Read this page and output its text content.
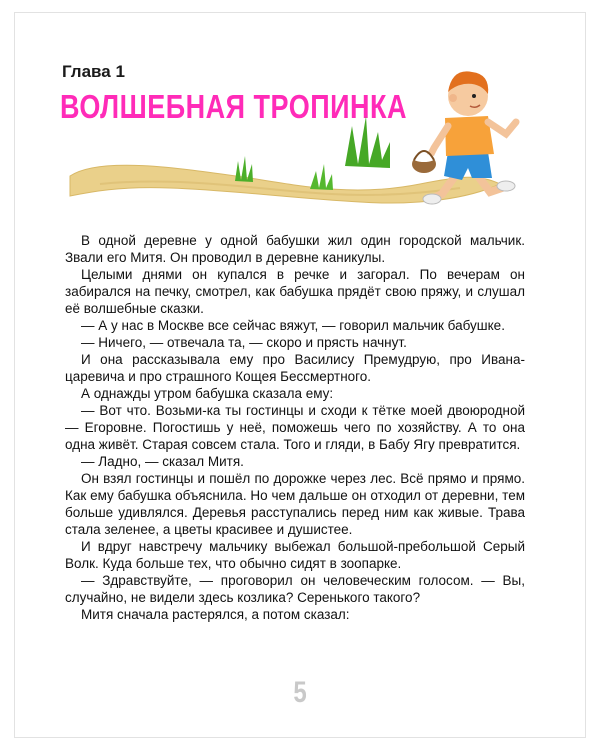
Глава 1
ВОЛШЕБНАЯ ТРОПИНКА

В одной деревне у одной бабушки жил один городской мальчик. Звали его Митя. Он проводил в деревне каникулы.

Целыми днями он купался в речке и загорал. По вечерам он забирался на печку, смотрел, как бабушка прядёт свою пряжу, и слушал её волшебные сказки.

— А у нас в Москве все сейчас вяжут, — говорил мальчик бабушке.

— Ничего, — отвечала та, — скоро и прясть начнут.

И она рассказывала ему про Василису Премудрую, про Ивана-царевича и про страшного Кощея Бессмертного.

А однажды утром бабушка сказала ему:

— Вот что. Возьми-ка ты гостинцы и сходи к тётке моей двоюродной — Егоровне. Погостишь у неё, поможешь чего по хозяйству. А то она одна живёт. Старая совсем стала. Того и гляди, в Бабу Ягу превратится.

— Ладно, — сказал Митя.

Он взял гостинцы и пошёл по дорожке через лес. Всё прямо и прямо. Как ему бабушка объяснила. Но чем дальше он отходил от деревни, тем больше удивлялся. Деревья расступались перед ним как живые. Трава стала зеленее, а цветы красивее и душистее.

И вдруг навстречу мальчику выбежал большой-пребольшой Серый Волк. Куда больше тех, что обычно сидят в зоопарке.

— Здравствуйте, — проговорил он человеческим голосом. — Вы, случайно, не видели здесь козлика? Серенького такого?

Митя сначала растерялся, а потом сказал:

5
